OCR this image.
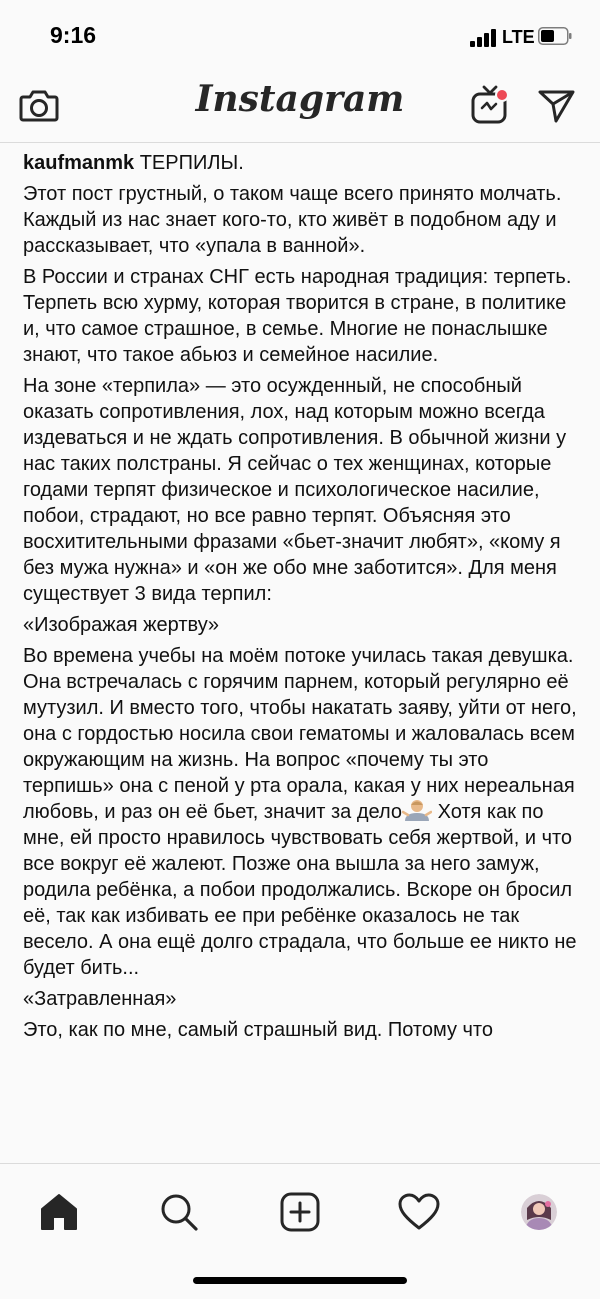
9:16	LTE
Instagram

kaufmanmk ТЕРПИЛЫ.

Этот пост грустный, о таком чаще всего принято молчать. Каждый из нас знает кого-то, кто живёт в подобном аду и рассказывает, что «упала в ванной».

В России и странах СНГ есть народная традиция: терпеть. Терпеть всю хурму, которая творится в стране, в политике и, что самое страшное, в семье. Многие не понаслышке знают, что такое абьюз и семейное насилие.

На зоне «терпила» — это осужденный, не способный оказать сопротивления, лох, над которым можно всегда издеваться и не ждать сопротивления. В обычной жизни у нас таких полстраны. Я сейчас о тех женщинах, которые годами терпят физическое и психологическое насилие, побои, страдают, но все равно терпят. Объясняя это восхитительными фразами «бьет-значит любят», «кому я без мужа нужна» и «он же обо мне заботится». Для меня существует 3 вида терпил:

«Изображая жертву»

Во времена учебы на моём потоке училась такая девушка. Она встречалась с горячим парнем, который регулярно её мутузил. И вместо того, чтобы накатать заяву, уйти от него, она с гордостью носила свои гематомы и жаловалась всем окружающим на жизнь. На вопрос «почему ты это терпишь» она с пеной у рта орала, какая у них нереальная любовь, и раз он её бьет, значит за дело Хотя как по мне, ей просто нравилось чувствовать себя жертвой, и что все вокруг её жалеют. Позже она вышла за него замуж, родила ребёнка, а побои продолжались. Вскоре он бросил её, так как избивать ее при ребёнке оказалось не так весело. А она ещё долго страдала, что больше ее никто не будет бить...

«Затравленная»

Это, как по мне, самый страшный вид. Потому что
